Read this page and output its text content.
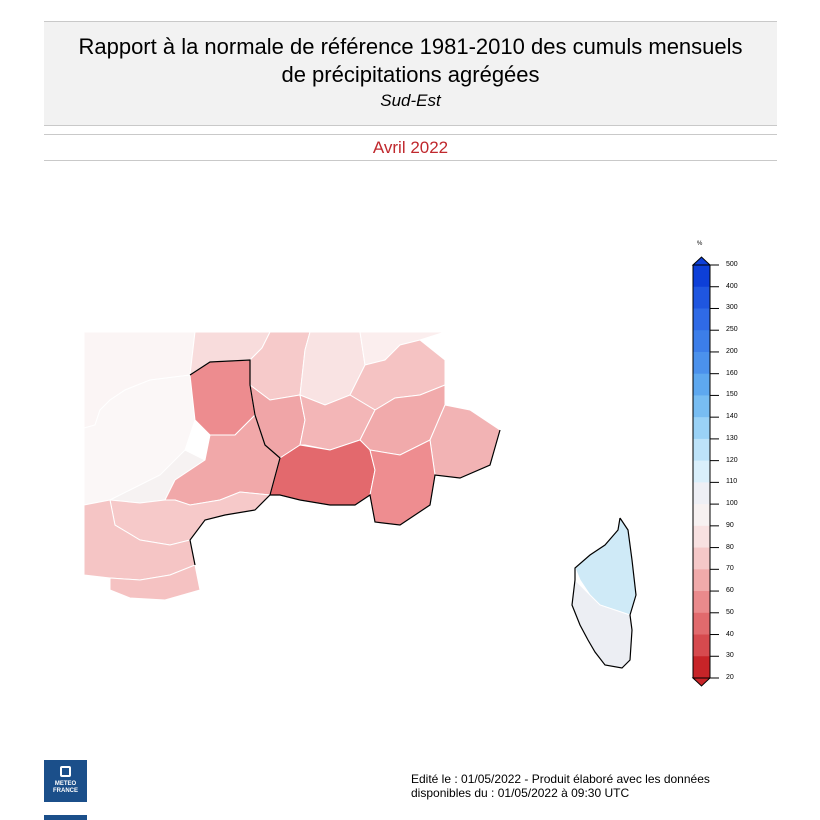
Rapport à la normale de référence 1981-2010 des cumuls mensuels
de précipitations agrégées
Sud-Est
Avril 2022
%
500
400
300
250
200
160
150
140
130
120
110
100
90
80
70
60
50
40
30
20
METEO
FRANCE
Edité le : 01/05/2022 - Produit élaboré avec les données
disponibles du : 01/05/2022 à 09:30 UTC
